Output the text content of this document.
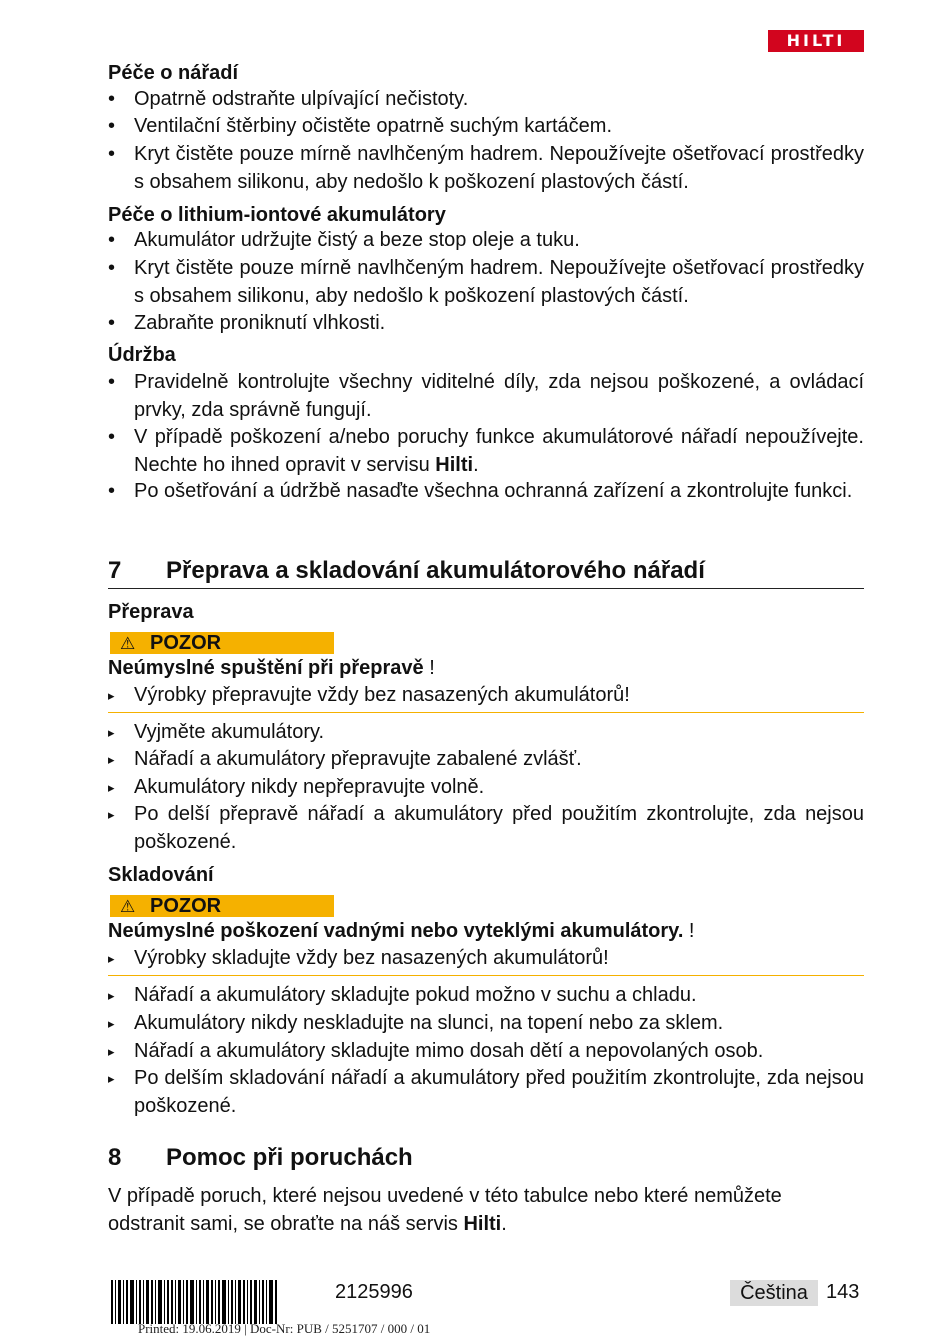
HILTI
Péče o nářadí
• Opatrně odstraňte ulpívající nečistoty.
• Ventilační štěrbiny očistěte opatrně suchým kartáčem.
• Kryt čistěte pouze mírně navlhčeným hadrem. Nepoužívejte ošetřovací prostředky s obsahem silikonu, aby nedošlo k poškození plastových částí.
Péče o lithium-iontové akumulátory
• Akumulátor udržujte čistý a beze stop oleje a tuku.
• Kryt čistěte pouze mírně navlhčeným hadrem. Nepoužívejte ošetřovací prostředky s obsahem silikonu, aby nedošlo k poškození plastových částí.
• Zabraňte proniknutí vlhkosti.
Údržba
• Pravidelně kontrolujte všechny viditelné díly, zda nejsou poškozené, a ovládací prvky, zda správně fungují.
• V případě poškození a/nebo poruchy funkce akumulátorové nářadí nepoužívejte. Nechte ho ihned opravit v servisu Hilti.
• Po ošetřování a údržbě nasaďte všechna ochranná zařízení a zkontrolujte funkci.
7 Přeprava a skladování akumulátorového nářadí
Přeprava
⚠ POZOR
Neúmyslné spuštění při přepravě !
▸ Výrobky přepravujte vždy bez nasazených akumulátorů!
▸ Vyjměte akumulátory.
▸ Nářadí a akumulátory přepravujte zabalené zvlášť.
▸ Akumulátory nikdy nepřepravujte volně.
▸ Po delší přepravě nářadí a akumulátory před použitím zkontrolujte, zda nejsou poškozené.
Skladování
⚠ POZOR
Neúmyslné poškození vadnými nebo vyteklými akumulátory. !
▸ Výrobky skladujte vždy bez nasazených akumulátorů!
▸ Nářadí a akumulátory skladujte pokud možno v suchu a chladu.
▸ Akumulátory nikdy neskladujte na slunci, na topení nebo za sklem.
▸ Nářadí a akumulátory skladujte mimo dosah dětí a nepovolaných osob.
▸ Po delším skladování nářadí a akumulátory před použitím zkontrolujte, zda nejsou poškozené.
8 Pomoc při poruchách
V případě poruch, které nejsou uvedené v této tabulce nebo které nemůžete odstranit sami, se obraťte na náš servis Hilti.
2125996	Čeština 143
Printed: 19.06.2019 | Doc-Nr: PUB / 5251707 / 000 / 01
